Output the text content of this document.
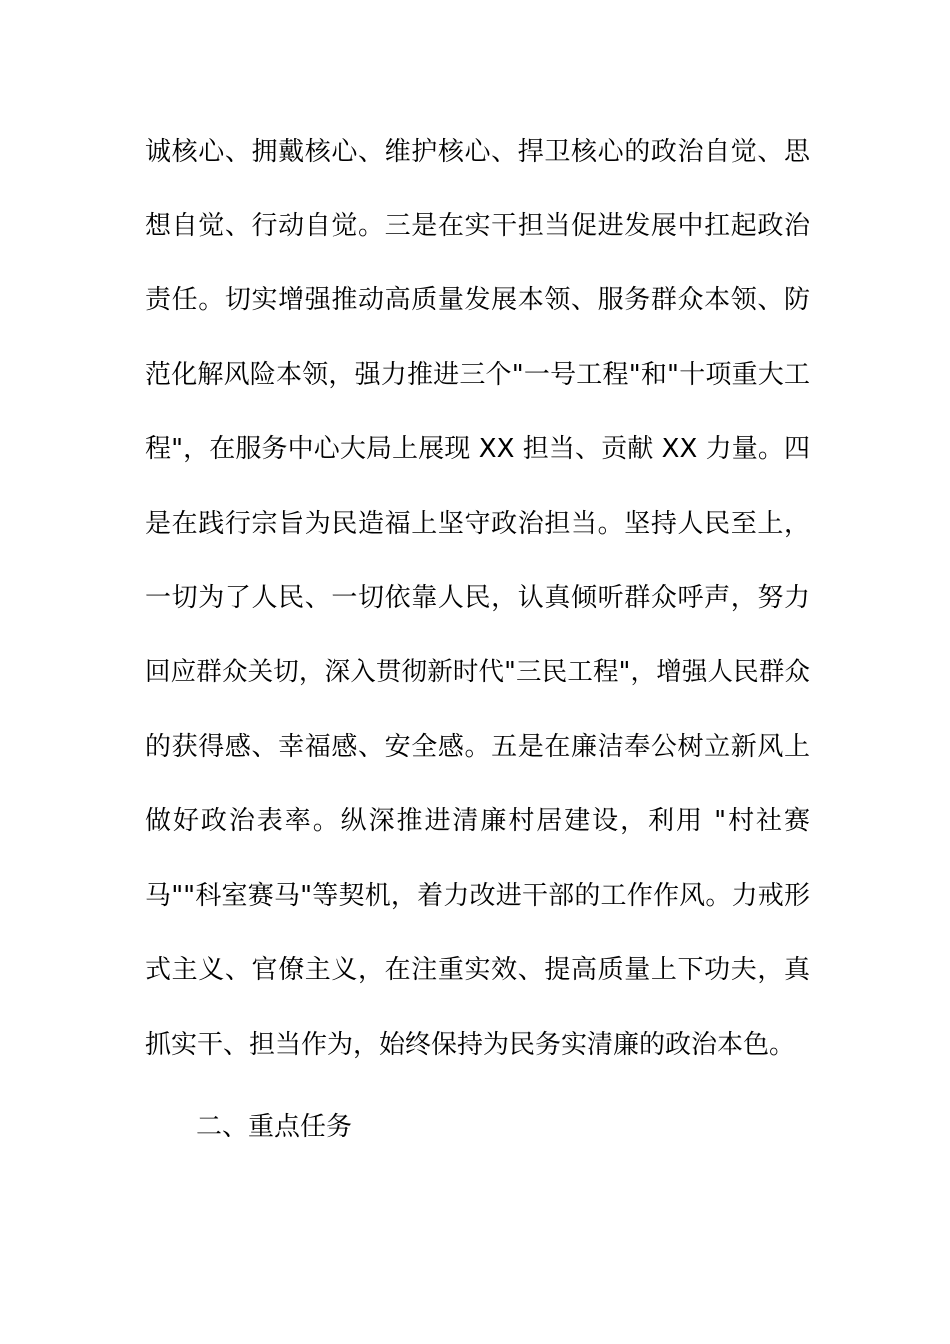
诚核心、拥戴核心、维护核心、捍卫核心的政治自觉、思
想自觉、行动自觉。三是在实干担当促进发展中扛起政治
责任。切实增强推动高质量发展本领、服务群众本领、防
范化解风险本领，强力推进三个"一号工程"和"十项重大工
程"，在服务中心大局上展现 XX 担当、贡献 XX 力量。四
是在践行宗旨为民造福上坚守政治担当。坚持人民至上，
一切为了人民、一切依靠人民，认真倾听群众呼声，努力
回应群众关切，深入贯彻新时代"三民工程"，增强人民群众
的获得感、幸福感、安全感。五是在廉洁奉公树立新风上
做好政治表率。纵深推进清廉村居建设，利用 "村社赛
马""科室赛马"等契机，着力改进干部的工作作风。力戒形
式主义、官僚主义，在注重实效、提高质量上下功夫，真
抓实干、担当作为，始终保持为民务实清廉的政治本色。
二、重点任务
